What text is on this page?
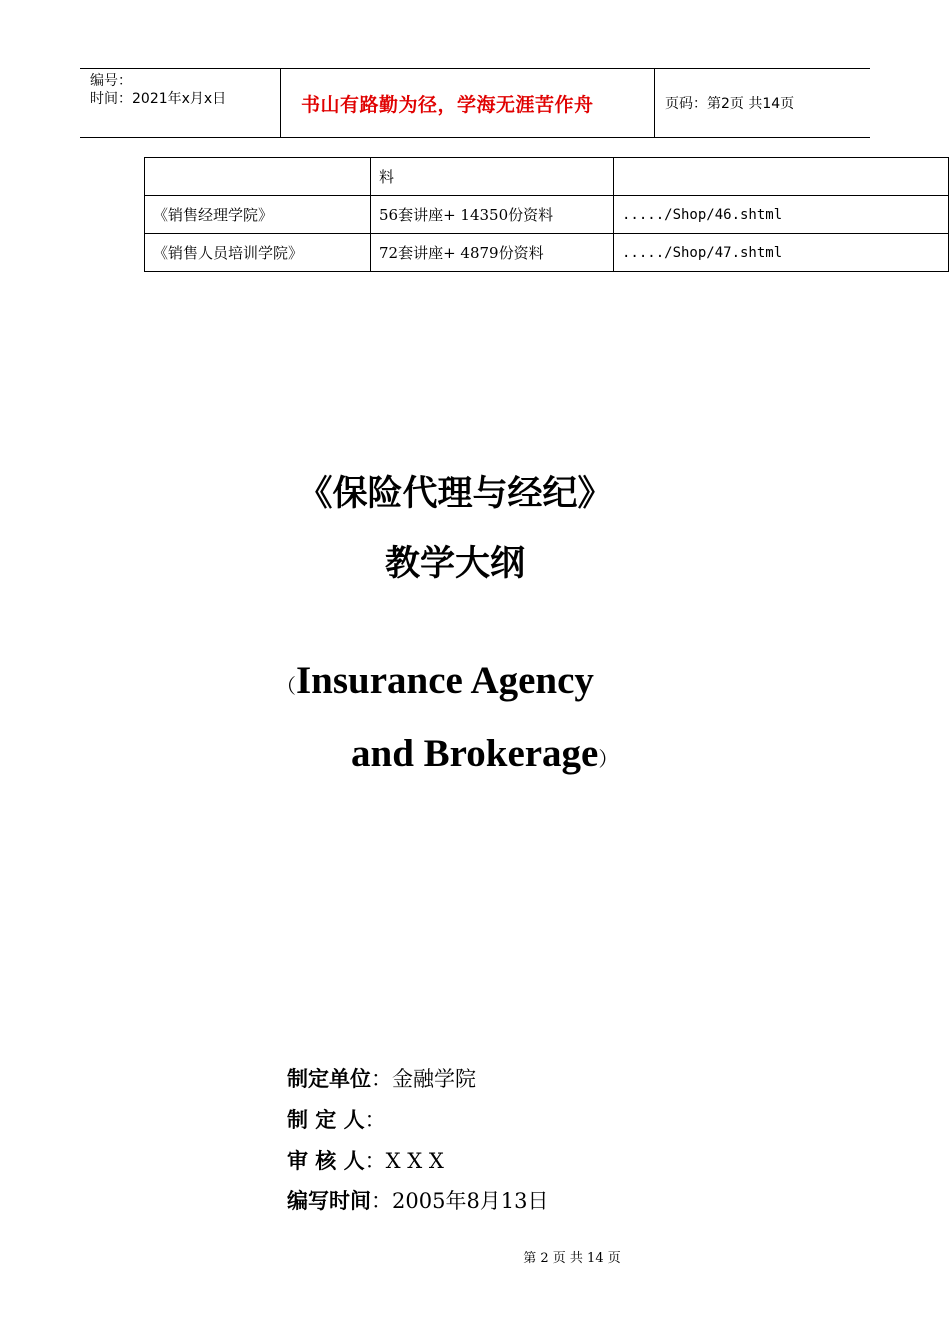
编号：
时间：2021年x月x日	书山有路勤为径，学海无涯苦作舟	页码：第2页 共14页
	料	
《销售经理学院》	56套讲座+ 14350份资料	...../Shop/46.shtml
《销售人员培训学院》	72套讲座+ 4879份资料	...../Shop/47.shtml
《保险代理与经纪》
教学大纲
（Insurance Agency
and Brokerage）
制定单位 ： 金融学院
制 定 人 ：
审 核 人 ： X X X
编写时间 ： 2005年8月13日
第 2 页 共 14 页
